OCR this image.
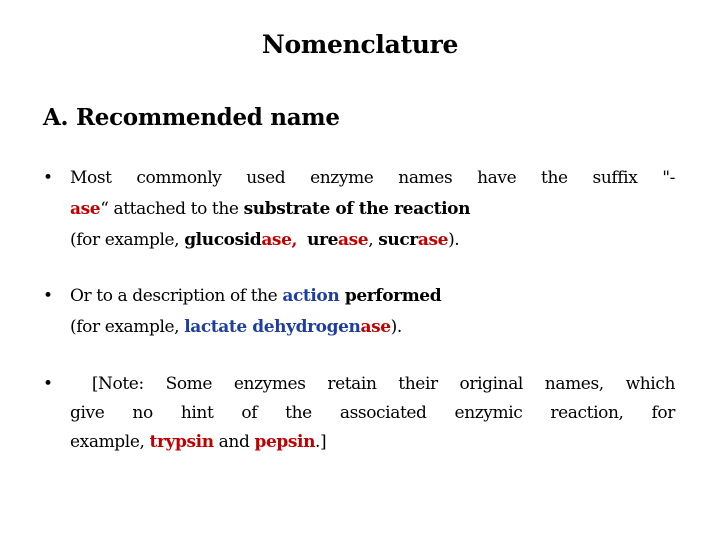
Nomenclature
A. Recommended name
• Most commonly used enzyme names have the suffix "-
ase“ attached to the substrate of the reaction
(for example, glucosidase, urease, sucrase).
• Or to a description of the action performed
(for example, lactate dehydrogenase).
• [Note: Some enzymes retain their original names, which
give no hint of the associated enzymic reaction, for
example, trypsin and pepsin.]
